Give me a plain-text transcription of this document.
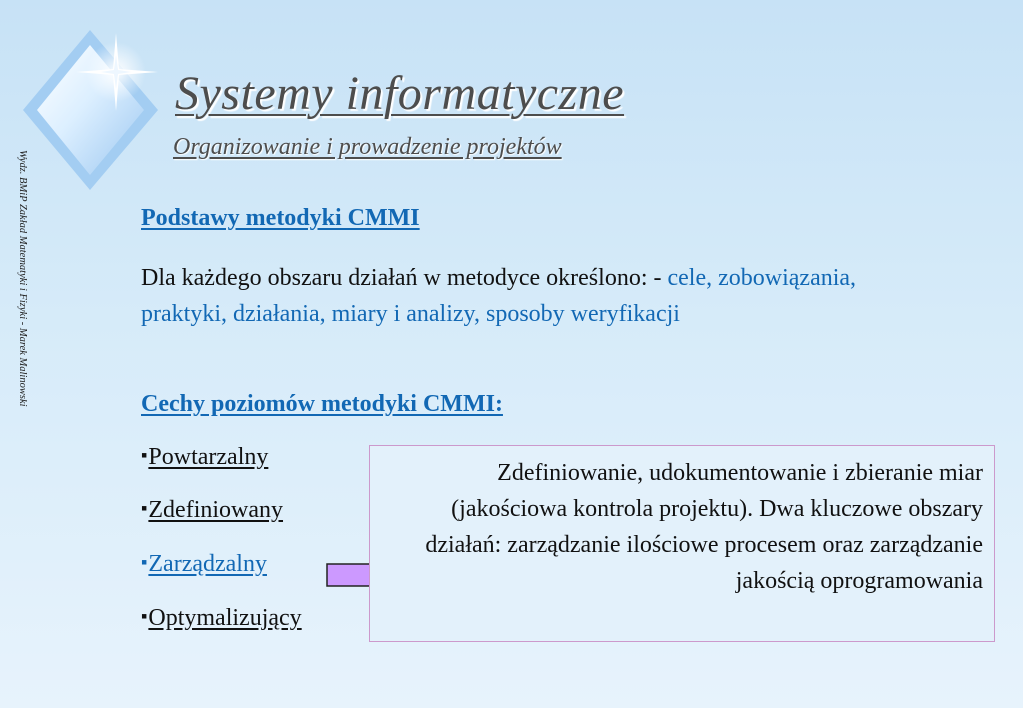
Wydz. BMiP Zakład Matematyki i Fizyki - Marek Malinowski
Systemy informatyczne
Organizowanie i prowadzenie projektów
Podstawy metodyki CMMI
Dla każdego obszaru działań w metodyce określono: - cele, zobowiązania, praktyki, działania, miary i analizy, sposoby weryfikacji
Cechy poziomów metodyki CMMI:
▪Powtarzalny
▪Zdefiniowany
▪Zarządzalny
▪Optymalizujący
Zdefiniowanie, udokumentowanie i zbieranie miar (jakościowa kontrola projektu). Dwa kluczowe obszary działań: zarządzanie ilościowe procesem oraz zarządzanie jakością oprogramowania
